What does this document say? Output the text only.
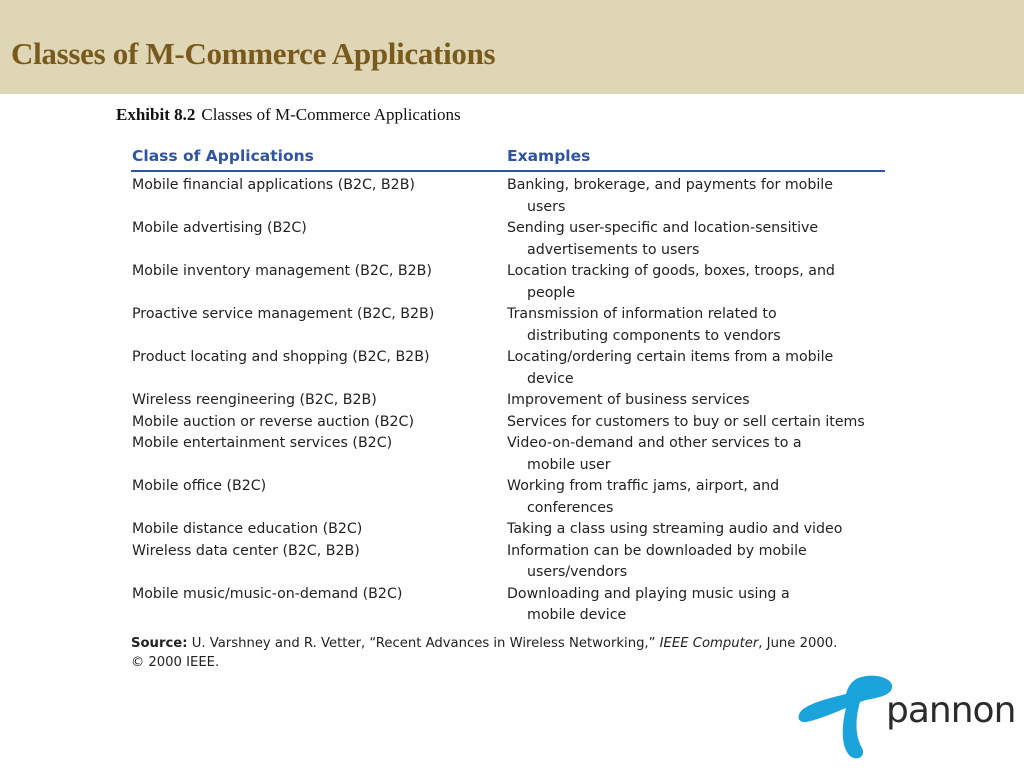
Classes of M-Commerce Applications
Exhibit 8.2 Classes of M-Commerce Applications
Class of Applications	Examples
Mobile financial applications (B2C, B2B)	Banking, brokerage, and payments for mobile
users
Mobile advertising (B2C)	Sending user-specific and location-sensitive
advertisements to users
Mobile inventory management (B2C, B2B)	Location tracking of goods, boxes, troops, and
people
Proactive service management (B2C, B2B)	Transmission of information related to
distributing components to vendors
Product locating and shopping (B2C, B2B)	Locating/ordering certain items from a mobile
device
Wireless reengineering (B2C, B2B)	Improvement of business services
Mobile auction or reverse auction (B2C)	Services for customers to buy or sell certain items
Mobile entertainment services (B2C)	Video-on-demand and other services to a
mobile user
Mobile office (B2C)	Working from traffic jams, airport, and
conferences
Mobile distance education (B2C)	Taking a class using streaming audio and video
Wireless data center (B2C, B2B)	Information can be downloaded by mobile
users/vendors
Mobile music/music-on-demand (B2C)	Downloading and playing music using a
mobile device
Source: U. Varshney and R. Vetter, “Recent Advances in Wireless Networking,” IEEE Computer, June 2000.
© 2000 IEEE.
pannon
